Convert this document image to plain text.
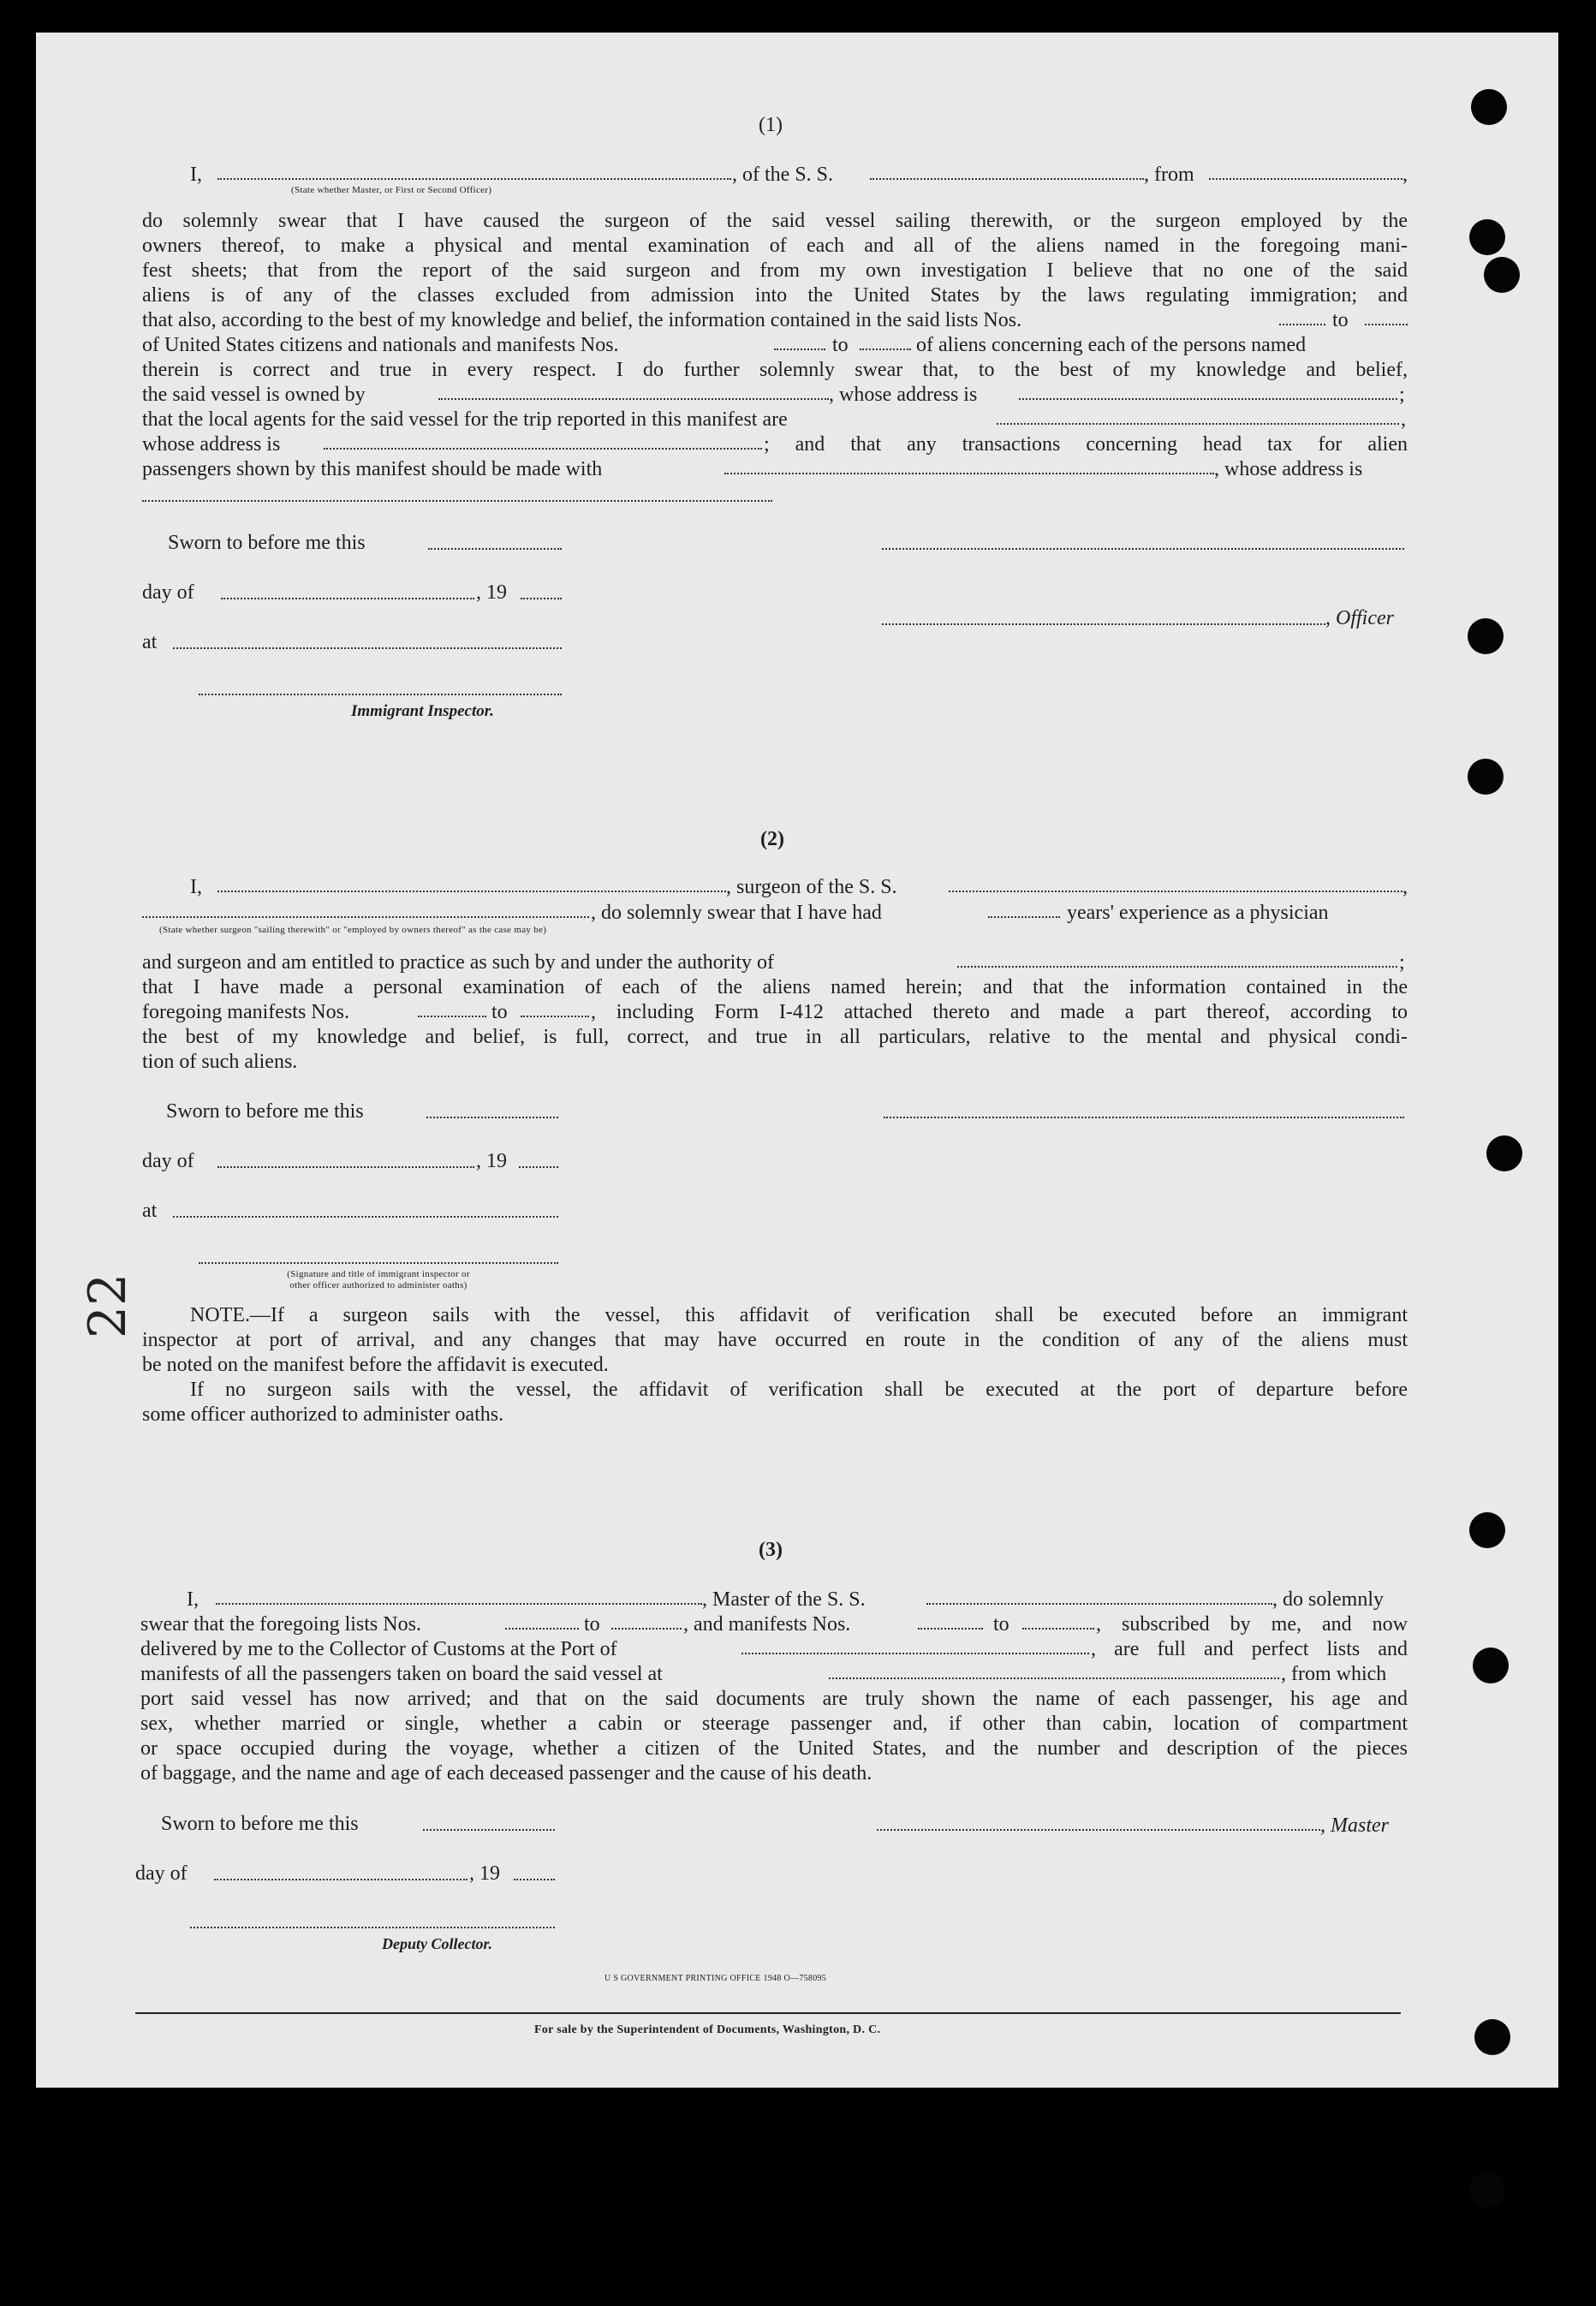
22
(1)
I,	, of the S. S.	, from	,
(State whether Master, or First or Second Officer)
do solemnly swear that I have caused the surgeon of the said vessel sailing therewith, or the surgeon employed by the
owners thereof, to make a physical and mental examination of each and all of the aliens named in the foregoing mani-
fest sheets; that from the report of the said surgeon and from my own investigation I believe that no one of the said
aliens is of any of the classes excluded from admission into the United States by the laws regulating immigration; and
that also, according to the best of my knowledge and belief, the information contained in the said lists Nos.	to
of United States citizens and nationals and manifests Nos.	to	of aliens concerning each of the persons named
therein is correct and true in every respect. I do further solemnly swear that, to the best of my knowledge and belief,
the said vessel is owned by	, whose address is	;
that the local agents for the said vessel for the trip reported in this manifest are	,
whose address is	; and that any transactions concerning head tax for alien
passengers shown by this manifest should be made with	, whose address is
Sworn to before me this
day of	, 19
, Officer
at
Immigrant Inspector.
(2)
I,	, surgeon of the S. S.	,
, do solemnly swear that I have had	years' experience as a physician
(State whether surgeon "sailing therewith" or "employed by owners thereof" as the case may be)
and surgeon and am entitled to practice as such by and under the authority of	;
that I have made a personal examination of each of the aliens named herein; and that the information contained in the
foregoing manifests Nos.	to	, including Form I-412 attached thereto and made a part thereof, according to
the best of my knowledge and belief, is full, correct, and true in all particulars, relative to the mental and physical condi-
tion of such aliens.
Sworn to before me this
day of	, 19
at
(Signature and title of immigrant inspector or
other officer authorized to administer oaths)
NOTE.—If a surgeon sails with the vessel, this affidavit of verification shall be executed before an immigrant
inspector at port of arrival, and any changes that may have occurred en route in the condition of any of the aliens must
be noted on the manifest before the affidavit is executed.
If no surgeon sails with the vessel, the affidavit of verification shall be executed at the port of departure before
some officer authorized to administer oaths.
(3)
I,	, Master of the S. S.	, do solemnly
swear that the foregoing lists Nos.	to	, and manifests Nos.	to	, subscribed by me, and now
delivered by me to the Collector of Customs at the Port of	, are full and perfect lists and
manifests of all the passengers taken on board the said vessel at	, from which
port said vessel has now arrived; and that on the said documents are truly shown the name of each passenger, his age and
sex, whether married or single, whether a cabin or steerage passenger and, if other than cabin, location of compartment
or space occupied during the voyage, whether a citizen of the United States, and the number and description of the pieces
of baggage, and the name and age of each deceased passenger and the cause of his death.
Sworn to before me this	, Master
day of	, 19
Deputy Collector.
U S GOVERNMENT PRINTING OFFICE 1948 O—758095
For sale by the Superintendent of Documents, Washington, D. C.
